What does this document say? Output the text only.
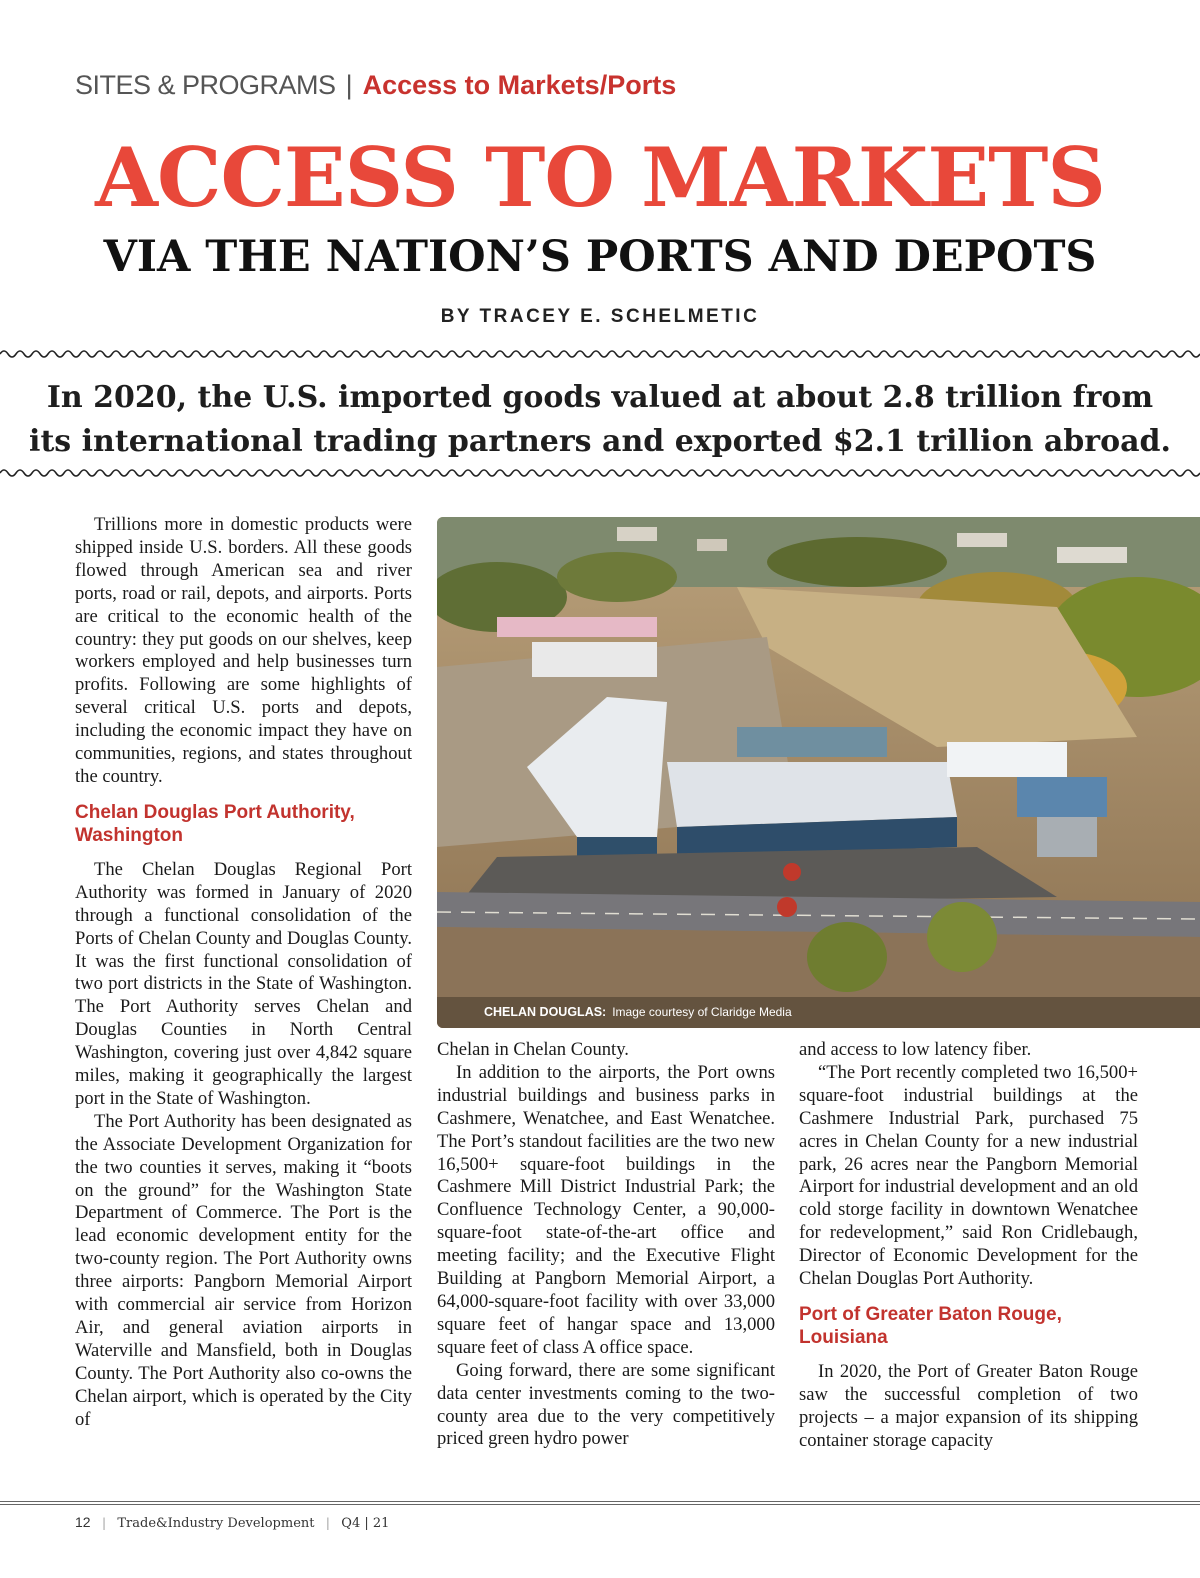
SITES & PROGRAMS | Access to Markets/Ports
ACCESS TO MARKETS
VIA THE NATION’S PORTS AND DEPOTS
BY TRACEY E. SCHELMETIC
In 2020, the U.S. imported goods valued at about 2.8 trillion from
its international trading partners and exported $2.1 trillion abroad.

Trillions more in domestic products were shipped inside U.S. borders. All these goods flowed through American sea and river ports, road or rail, depots, and airports. Ports are critical to the economic health of the country: they put goods on our shelves, keep workers employed and help businesses turn profits. Following are some highlights of several critical U.S. ports and depots, including the economic impact they have on communities, regions, and states throughout the country.

Chelan Douglas Port Authority, Washington

The Chelan Douglas Regional Port Authority was formed in January of 2020 through a functional consolidation of the Ports of Chelan County and Douglas County. It was the first functional consolidation of two port districts in the State of Washington. The Port Authority serves Chelan and Douglas Counties in North Central Washington, covering just over 4,842 square miles, making it geographically the largest port in the State of Washington.

The Port Authority has been designated as the Associate Development Organization for the two counties it serves, making it “boots on the ground” for the Washington State Department of Commerce. The Port is the lead economic development entity for the two-county region. The Port Authority owns three airports: Pangborn Memorial Airport with commercial air service from Horizon Air, and general aviation airports in Waterville and Mansfield, both in Douglas County. The Port Authority also co-owns the Chelan airport, which is operated by the City of

CHELAN DOUGLAS: Image courtesy of Claridge Media

Chelan in Chelan County.

In addition to the airports, the Port owns industrial buildings and business parks in Cashmere, Wenatchee, and East Wenatchee. The Port’s standout facilities are the two new 16,500+ square-foot buildings in the Cashmere Mill District Industrial Park; the Confluence Technology Center, a 90,000-square-foot state-of-the-art office and meeting facility; and the Executive Flight Building at Pangborn Memorial Airport, a 64,000-square-foot facility with over 33,000 square feet of hangar space and 13,000 square feet of class A office space.

Going forward, there are some significant data center investments coming to the two-county area due to the very competitively priced green hydro power

and access to low latency fiber.

“The Port recently completed two 16,500+ square-foot industrial buildings at the Cashmere Industrial Park, purchased 75 acres in Chelan County for a new industrial park, 26 acres near the Pangborn Memorial Airport for industrial development and an old cold storge facility in downtown Wenatchee for redevelopment,” said Ron Cridlebaugh, Director of Economic Development for the Chelan Douglas Port Authority.

Port of Greater Baton Rouge, Louisiana

In 2020, the Port of Greater Baton Rouge saw the successful completion of two projects – a major expansion of its shipping container storage capacity

12 | Trade&Industry Development | Q4 | 21
